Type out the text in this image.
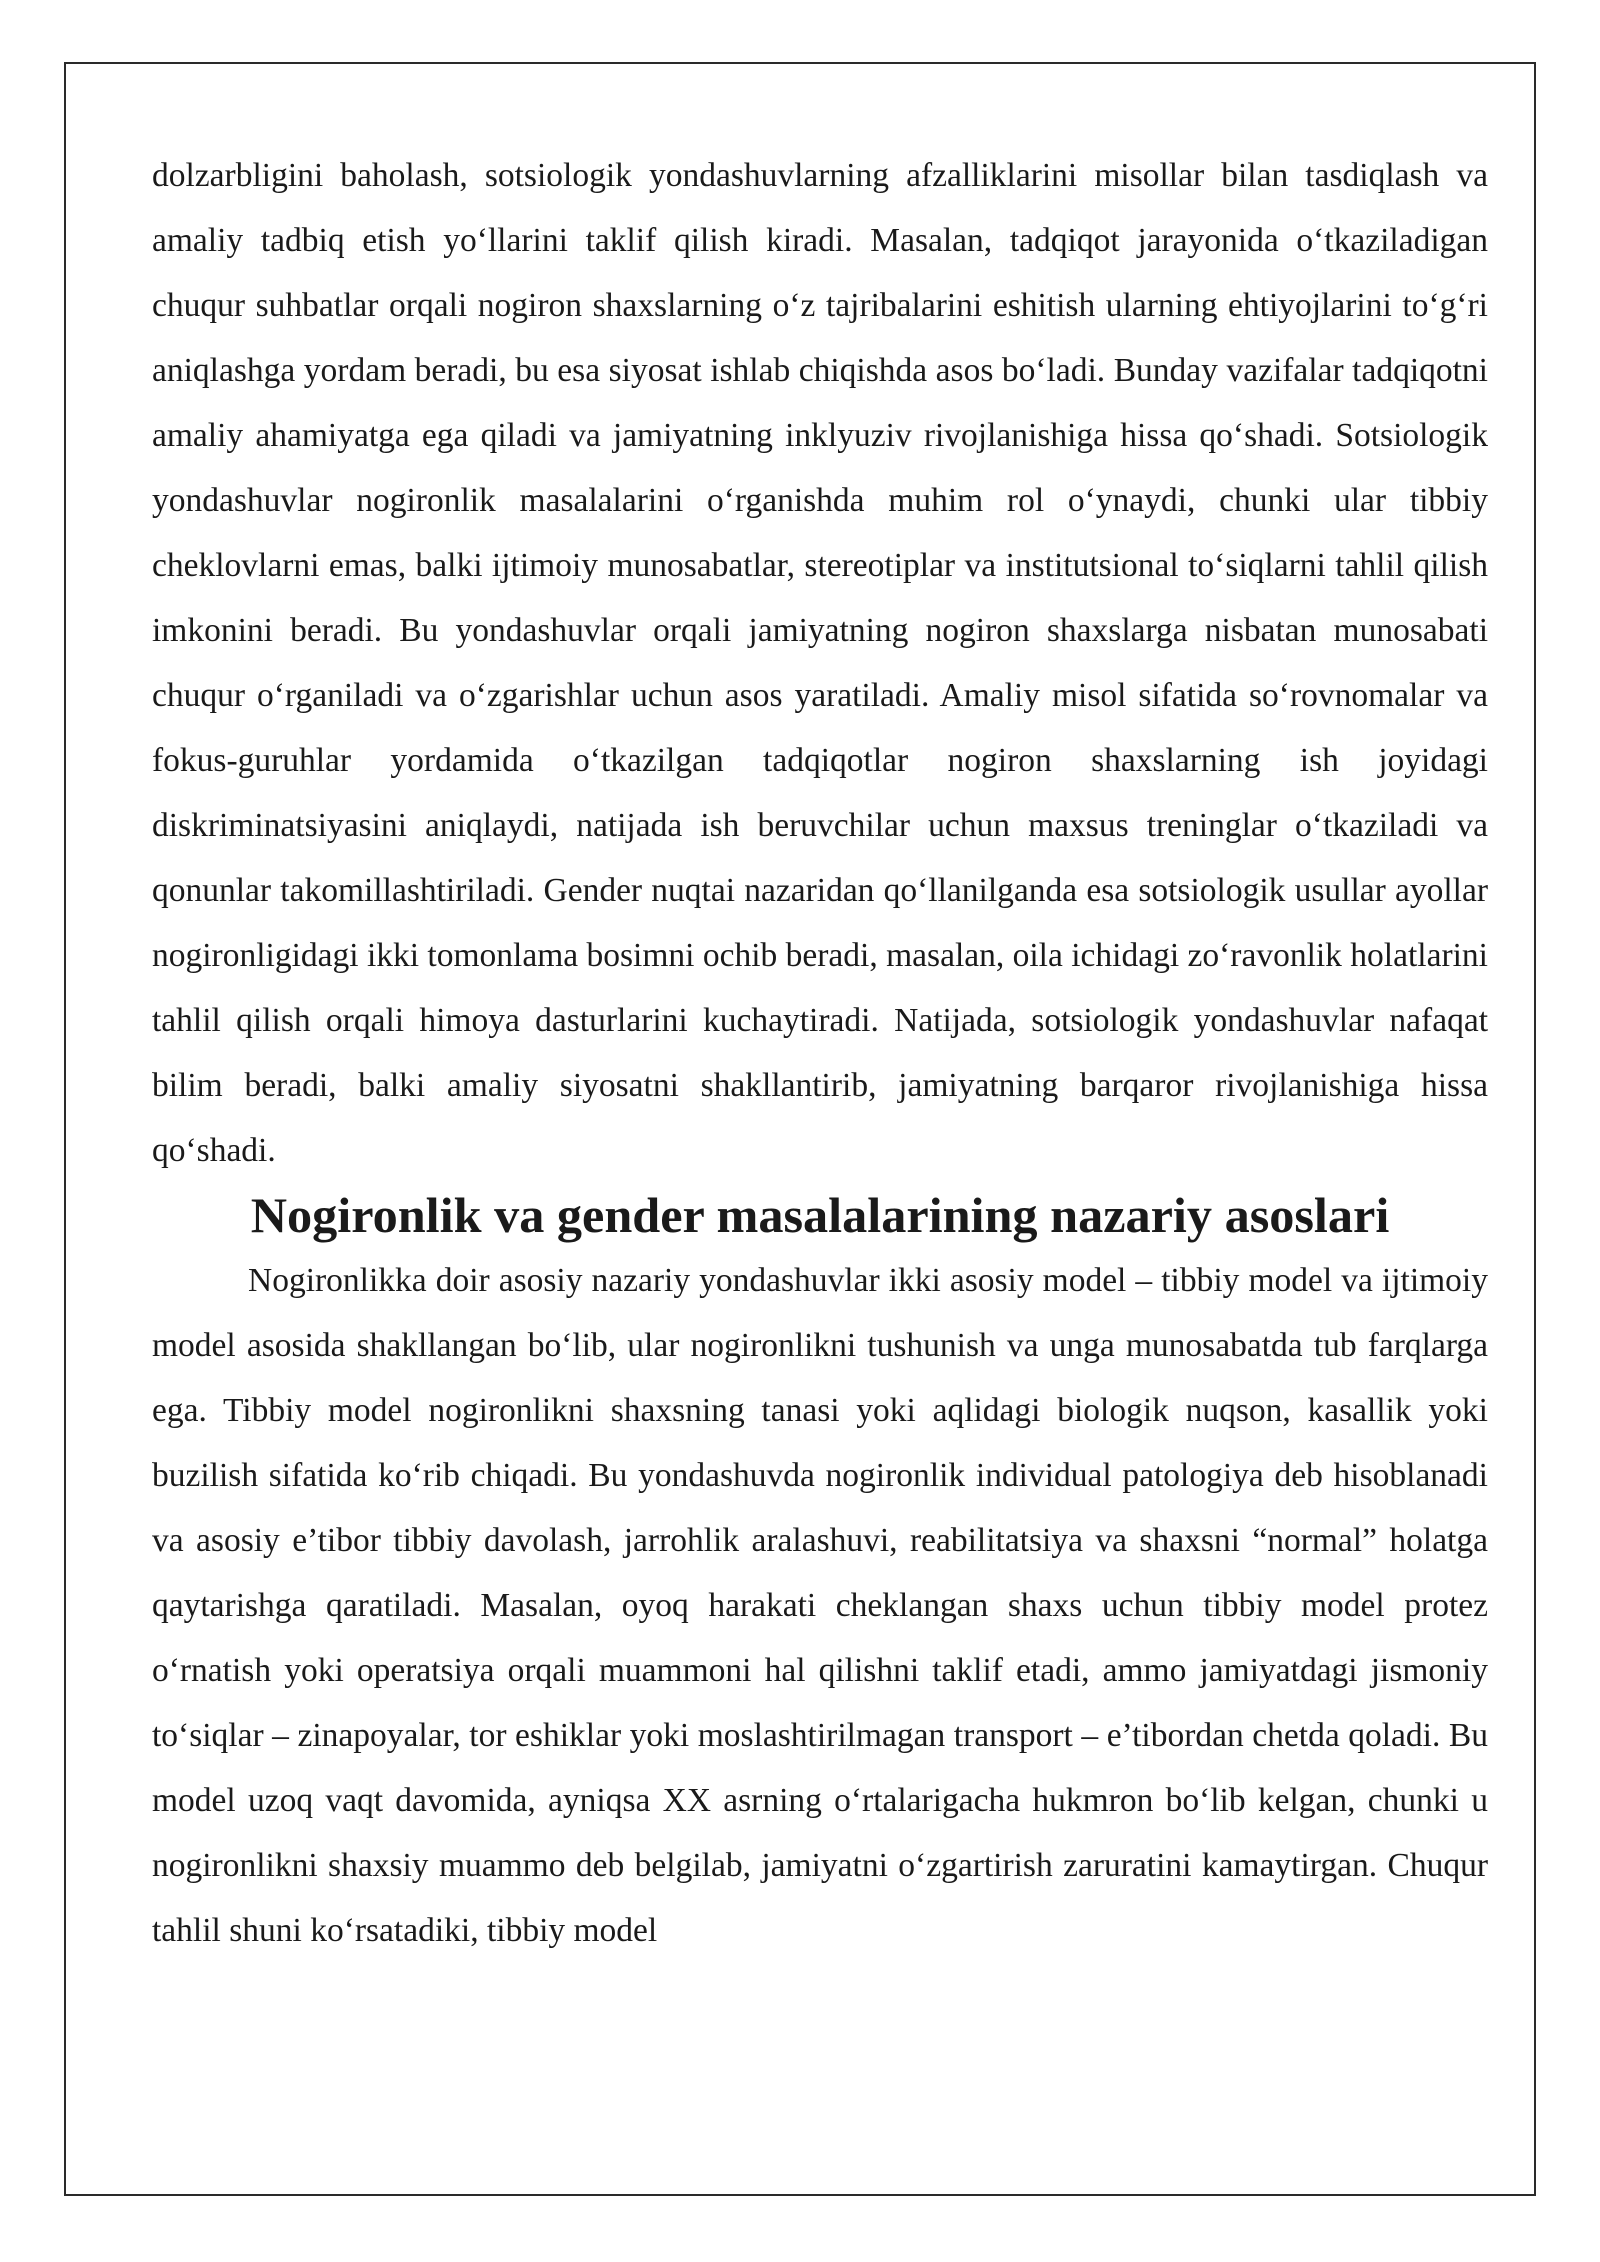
dolzarbligini baholash, sotsiologik yondashuvlarning afzalliklarini misollar bilan tasdiqlash va amaliy tadbiq etish yo‘llarini taklif qilish kiradi. Masalan, tadqiqot jarayonida o‘tkaziladigan chuqur suhbatlar orqali nogiron shaxslarning o‘z tajribalarini eshitish ularning ehtiyojlarini to‘g‘ri aniqlashga yordam beradi, bu esa siyosat ishlab chiqishda asos bo‘ladi. Bunday vazifalar tadqiqotni amaliy ahamiyatga ega qiladi va jamiyatning inklyuziv rivojlanishiga hissa qo‘shadi. Sotsiologik yondashuvlar nogironlik masalalarini o‘rganishda muhim rol o‘ynaydi, chunki ular tibbiy cheklovlarni emas, balki ijtimoiy munosabatlar, stereotiplar va institutsional to‘siqlarni tahlil qilish imkonini beradi. Bu yondashuvlar orqali jamiyatning nogiron shaxslarga nisbatan munosabati chuqur o‘rganiladi va o‘zgarishlar uchun asos yaratiladi. Amaliy misol sifatida so‘rovnomalar va fokus-guruhlar yordamida o‘tkazilgan tadqiqotlar nogiron shaxslarning ish joyidagi diskriminatsiyasini aniqlaydi, natijada ish beruvchilar uchun maxsus treninglar o‘tkaziladi va qonunlar takomillashtiriladi. Gender nuqtai nazaridan qo‘llanilganda esa sotsiologik usullar ayollar nogironligidagi ikki tomonlama bosimni ochib beradi, masalan, oila ichidagi zo‘ravonlik holatlarini tahlil qilish orqali himoya dasturlarini kuchaytiradi. Natijada, sotsiologik yondashuvlar nafaqat bilim beradi, balki amaliy siyosatni shakllantirib, jamiyatning barqaror rivojlanishiga hissa qo‘shadi.

Nogironlik va gender masalalarining nazariy asoslari

Nogironlikka doir asosiy nazariy yondashuvlar ikki asosiy model – tibbiy model va ijtimoiy model asosida shakllangan bo‘lib, ular nogironlikni tushunish va unga munosabatda tub farqlarga ega. Tibbiy model nogironlikni shaxsning tanasi yoki aqlidagi biologik nuqson, kasallik yoki buzilish sifatida ko‘rib chiqadi. Bu yondashuvda nogironlik individual patologiya deb hisoblanadi va asosiy e’tibor tibbiy davolash, jarrohlik aralashuvi, reabilitatsiya va shaxsni “normal” holatga qaytarishga qaratiladi. Masalan, oyoq harakati cheklangan shaxs uchun tibbiy model protez o‘rnatish yoki operatsiya orqali muammoni hal qilishni taklif etadi, ammo jamiyatdagi jismoniy to‘siqlar – zinapoyalar, tor eshiklar yoki moslashtirilmagan transport – e’tibordan chetda qoladi. Bu model uzoq vaqt davomida, ayniqsa XX asrning o‘rtalarigacha hukmron bo‘lib kelgan, chunki u nogironlikni shaxsiy muammo deb belgilab, jamiyatni o‘zgartirish zaruratini kamaytirgan. Chuqur tahlil shuni ko‘rsatadiki, tibbiy model
